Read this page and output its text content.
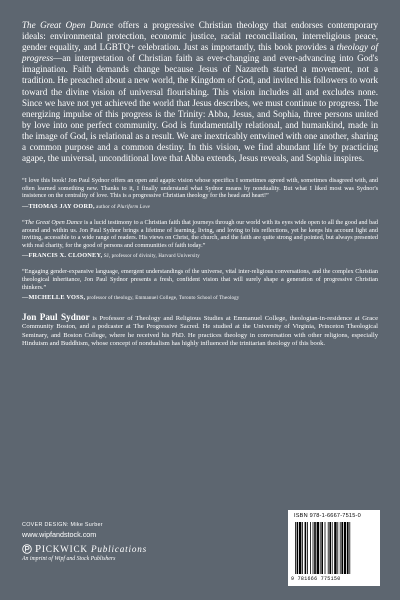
The Great Open Dance offers a progressive Christian theology that endorses contemporary ideals: environmental protection, economic justice, racial reconciliation, interreligious peace, gender equality, and LGBTQ+ celebration. Just as importantly, this book provides a theology of progress—an interpretation of Christian faith as ever-changing and ever-advancing into God's imagination. Faith demands change because Jesus of Nazareth started a movement, not a tradition. He preached about a new world, the Kingdom of God, and invited his followers to work toward the divine vision of universal flourishing. This vision includes all and excludes none. Since we have not yet achieved the world that Jesus describes, we must continue to progress. The energizing impulse of this progress is the Trinity: Abba, Jesus, and Sophia, three persons united by love into one perfect community. God is fundamentally relational, and humankind, made in the image of God, is relational as a result. We are inextricably entwined with one another, sharing a common purpose and a common destiny. In this vision, we find abundant life by practicing agape, the universal, unconditional love that Abba extends, Jesus reveals, and Sophia inspires.

“I love this book! Jon Paul Sydnor offers an open and agapic vision whose specifics I sometimes agreed with, sometimes disagreed with, and often learned something new. Thanks to it, I finally understand what Sydnor means by nonduality. But what I liked most was Sydnor's insistence on the centrality of love. This is a progressive Christian theology for the head and heart!”

—THOMAS JAY OORD, author of Pluriform Love

“The Great Open Dance is a lucid testimony to a Christian faith that journeys through our world with its eyes wide open to all the good and bad around and within us. Jon Paul Sydnor brings a lifetime of learning, living, and loving to his reflections, yet he keeps his account light and inviting, accessible to a wide range of readers. His views on Christ, the church, and the faith are quite strong and pointed, but always presented with real charity, for the good of persons and communities of faith today.”

—FRANCIS X. CLOONEY, SJ, professor of divinity, Harvard University

“Engaging gender-expansive language, emergent understandings of the universe, vital inter-religious conversations, and the complex Christian theological inheritance, Jon Paul Sydnor presents a fresh, confident vision that will surely shape a generation of progressive Christian thinkers.”

—MICHELLE VOSS, professor of theology, Emmanuel College, Toronto School of Theology

Jon Paul Sydnor is Professor of Theology and Religious Studies at Emmanuel College, theologian-in-residence at Grace Community Boston, and a podcaster at The Progressive Sacred. He studied at the University of Virginia, Princeton Theological Seminary, and Boston College, where he received his PhD. He practices theology in conversation with other religions, especially Hinduism and Buddhism, whose concept of nondualism has highly influenced the trinitarian theology of this book.

COVER DESIGN: Mike Surber
www.wipfandstock.com
PICKWICK Publications
An imprint of Wipf and Stock Publishers
ISBN 978-1-6667-7515-0
9 781666 775150
